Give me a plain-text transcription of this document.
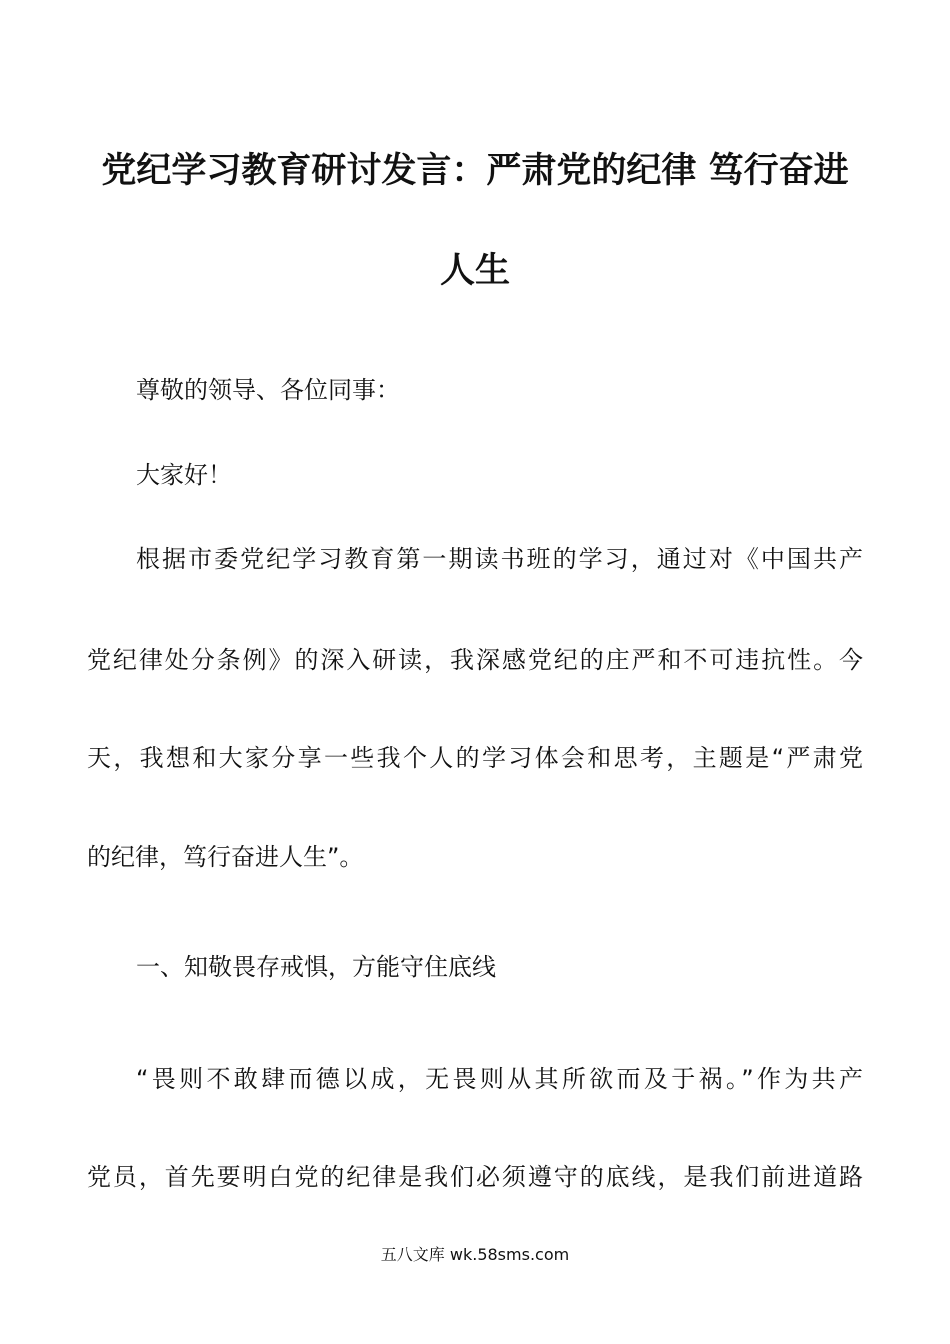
党纪学习教育研讨发言：严肃党的纪律 笃行奋进
人生

尊敬的领导、各位同事：

大家好！

根据市委党纪学习教育第一期读书班的学习，通过对《中国共产

党纪律处分条例》的深入研读，我深感党纪的庄严和不可违抗性。今

天，我想和大家分享一些我个人的学习体会和思考，主题是“严肃党

的纪律，笃行奋进人生”。

一、知敬畏存戒惧，方能守住底线

“畏则不敢肆而德以成，无畏则从其所欲而及于祸。”作为共产

党员，首先要明白党的纪律是我们必须遵守的底线，是我们前进道路

五八文库 wk.58sms.com
